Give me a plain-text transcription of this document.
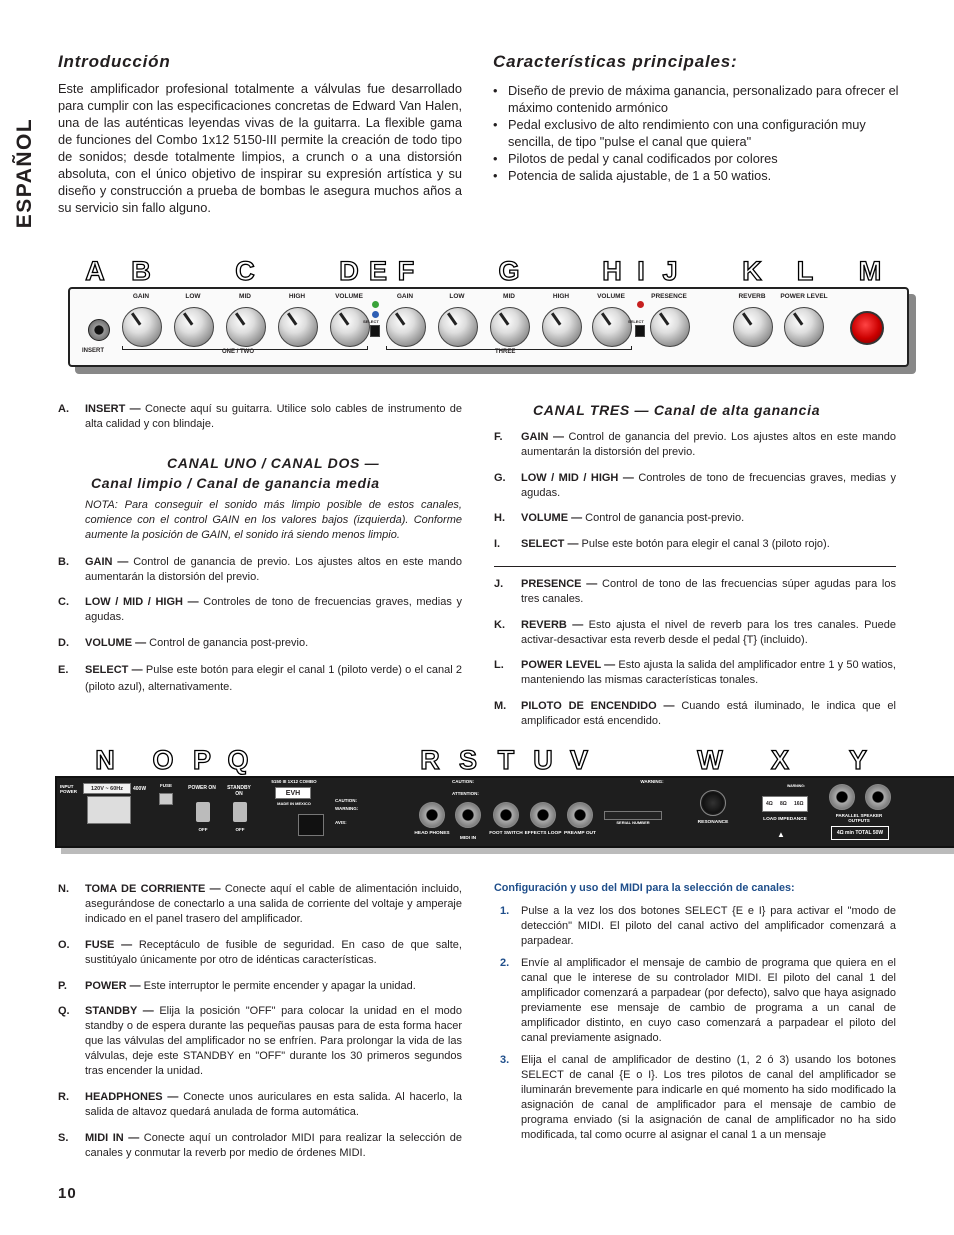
ESPAÑOL
Introducción

Este amplificador profesional totalmente a válvulas fue desarrollado para cumplir con las especificaciones concretas de Edward Van Halen, una de las auténticas leyendas vivas de la guitarra. La flexible gama de funciones del Combo 1x12 5150-III permite la creación de todo tipo de sonidos; desde totalmente limpios, a crunch o a una distorsión absoluta, con el único objetivo de inspirar su expresión artística y su diseño y construcción a prueba de bombas le asegura muchos años a su servicio sin fallo alguno.

Características principales:
• Diseño de previo de máxima ganancia, personalizado para ofrecer el máximo contenido armónico
• Pedal exclusivo de alto rendimiento con una configuración muy sencilla, de tipo "pulse el canal que quiera"
• Pilotos de pedal y canal codificados por colores
• Potencia de salida ajustable, de 1 a 50 watios.
A B	C	D E F	G	H I J K L M
INSERT
GAIN	LOW	MID	HIGH	VOLUME
SELECT
GAIN	LOW	MID	HIGH	VOLUME
SELECT
PRESENCE	REVERB	POWER LEVEL
ONE / TWO	THREE
A. INSERT — Conecte aquí su guitarra. Utilice solo cables de instrumento de alta calidad y con blindaje.
CANAL UNO / CANAL DOS —
Canal limpio / Canal de ganancia media
NOTA: Para conseguir el sonido más limpio posible de estos canales, comience con el control GAIN en los valores bajos (izquierda). Conforme aumente la posición de GAIN, el sonido irá siendo menos limpio.
B. GAIN — Control de ganancia de previo. Los ajustes altos en este mando aumentarán la distorsión del previo.
C. LOW / MID / HIGH — Controles de tono de frecuencias graves, medias y agudas.
D. VOLUME — Control de ganancia post-previo.
E. SELECT — Pulse este botón para elegir el canal 1 (piloto verde) o el canal 2 (piloto azul), alternativamente.
CANAL TRES — Canal de alta ganancia
F. GAIN — Control de ganancia del previo. Los ajustes altos en este mando aumentarán la distorsión del previo.
G. LOW / MID / HIGH — Controles de tono de frecuencias graves, medias y agudas.
H. VOLUME — Control de ganancia post-previo.
I. SELECT — Pulse este botón para elegir el canal 3 (piloto rojo).
J. PRESENCE — Control de tono de las frecuencias súper agudas para los tres canales.
K. REVERB — Esto ajusta el nivel de reverb para los tres canales. Puede activar-desactivar esta reverb desde el pedal {T} (incluido).
L. POWER LEVEL — Esto ajusta la salida del amplificador entre 1 y 50 watios, manteniendo las mismas características tonales.
M. PILOTO DE ENCENDIDO — Cuando está iluminado, le indica que el amplificador está encendido.
N O P Q	R S T U V	W X Y
INPUT POWER	120V ~ 60Hz	400W
FUSE	POWER ON
OFF
STANDBY ON
OFF
5150 III 1X12 COMBO
EVH
MADE IN MEXICO
CAUTION:
WARNING:
AVIS:
CAUTION:
ATTENTION:
HEAD PHONES
MIDI IN
FOOT SWITCH EFFECTS LOOP PREAMP OUT
WARNING:
SERIAL NUMBER	RESONANCE
WARNING:
4Ω 8Ω 16Ω
LOAD IMPEDANCE
▲
PARALLEL SPEAKER OUTPUTS
4Ω min TOTAL 50W
N. TOMA DE CORRIENTE — Conecte aquí el cable de alimentación incluido, asegurándose de conectarlo a una salida de corriente del voltaje y amperaje indicado en el panel trasero del amplificador.
O. FUSE — Receptáculo de fusible de seguridad. En caso de que salte, sustitúyalo únicamente por otro de idénticas características.
P. POWER — Este interruptor le permite encender y apagar la unidad.
Q. STANDBY — Elija la posición "OFF" para colocar la unidad en el modo standby o de espera durante las pequeñas pausas para de esta forma hacer que las válvulas del amplificador no se enfríen. Para prolongar la vida de las válvulas, deje este STANDBY en "OFF" durante los 30 primeros segundos tras encender la unidad.
R. HEADPHONES — Conecte unos auriculares en esta salida. Al hacerlo, la salida de altavoz quedará anulada de forma automática.
S. MIDI IN — Conecte aquí un controlador MIDI para realizar la selección de canales y conmutar la reverb por medio de órdenes MIDI.
Configuración y uso del MIDI para la selección de canales:
1. Pulse a la vez los dos botones SELECT {E e I} para activar el "modo de detección" MIDI. El piloto del canal activo del amplificador comenzará a parpadear.
2. Envíe al amplificador el mensaje de cambio de programa que quiera en el canal que le interese de su controlador MIDI. El piloto del canal 1 del amplificador comenzará a parpadear (por defecto), salvo que haya asignado previamente ese mensaje de cambio de programa a un canal de amplificador distinto, en cuyo caso comenzará a parpadear el piloto del canal previamente asignado.
3. Elija el canal de amplificador de destino (1, 2 ó 3) usando los botones SELECT de canal {E o I}. Los tres pilotos de canal del amplificador se iluminarán brevemente para indicarle en qué momento ha sido modificado la asignación de canal de amplificador para el mensaje de cambio de programa enviado (si la asignación de canal de amplificador no ha sido modificada, tal como ocurre al asignar el canal 1 a un mensaje
10
